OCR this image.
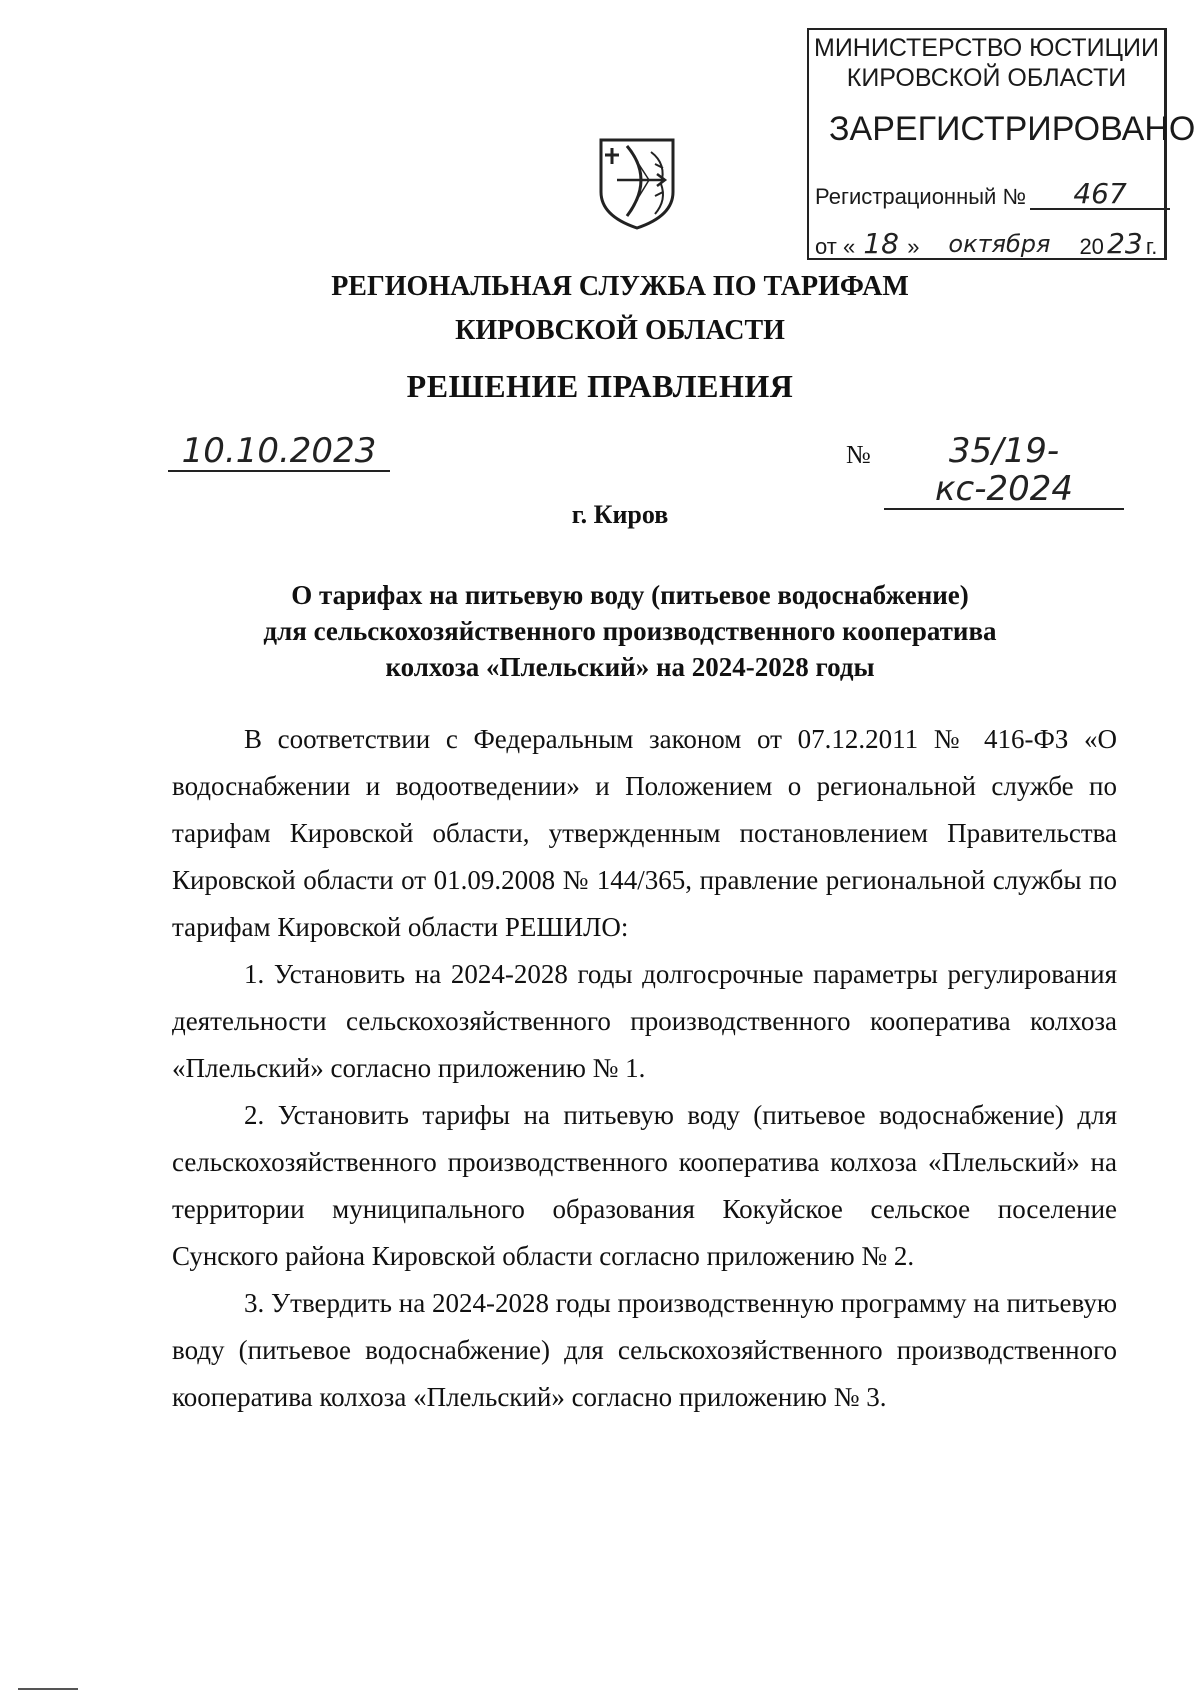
МИНИСТЕРСТВО ЮСТИЦИИ
КИРОВСКОЙ ОБЛАСТИ
ЗАРЕГИСТРИРОВАНО
Регистрационный № 467
от « 18 » октября 20 23 г.
РЕГИОНАЛЬНАЯ СЛУЖБА ПО ТАРИФАМ
КИРОВСКОЙ ОБЛАСТИ
РЕШЕНИЕ ПРАВЛЕНИЯ
10.10.2023	№	35/19-кс-2024
г. Киров
О тарифах на питьевую воду (питьевое водоснабжение)
для сельскохозяйственного производственного кооператива
колхоза «Плельский» на 2024-2028 годы

В соответствии с Федеральным законом от 07.12.2011 № 416-ФЗ «О водоснабжении и водоотведении» и Положением о региональной службе по тарифам Кировской области, утвержденным постановлением Правительства Кировской области от 01.09.2008 № 144/365, правление региональной службы по тарифам Кировской области РЕШИЛО:

1. Установить на 2024-2028 годы долгосрочные параметры регулирования деятельности сельскохозяйственного производственного кооператива колхоза «Плельский» согласно приложению № 1.

2. Установить тарифы на питьевую воду (питьевое водоснабжение) для сельскохозяйственного производственного кооператива колхоза «Плельский» на территории муниципального образования Кокуйское сельское поселение Сунского района Кировской области согласно приложению № 2.

3. Утвердить на 2024-2028 годы производственную программу на питьевую воду (питьевое водоснабжение) для сельскохозяйственного производственного кооператива колхоза «Плельский» согласно приложению № 3.
